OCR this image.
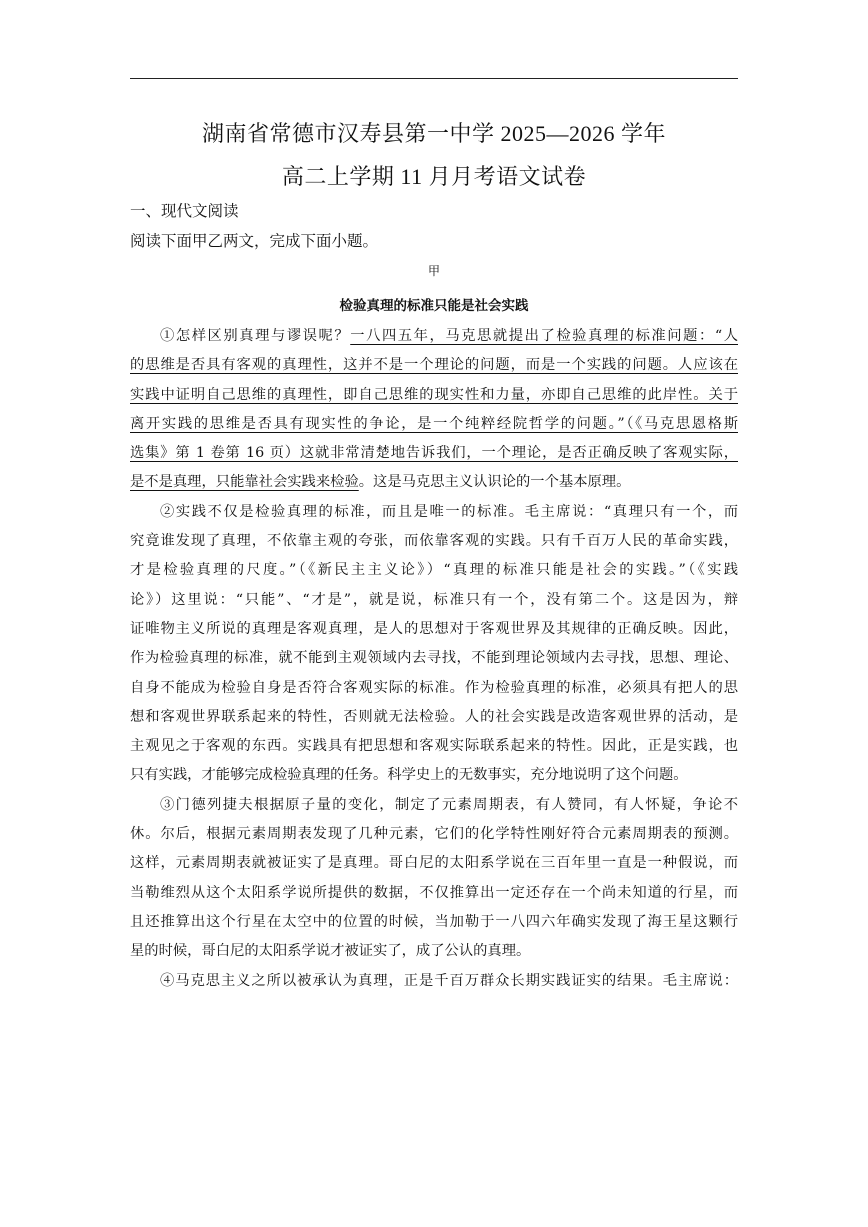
湖南省常德市汉寿县第一中学 2025—2026 学年
高二上学期 11 月月考语文试卷
一、现代文阅读
阅读下面甲乙两文，完成下面小题。
甲
检验真理的标准只能是社会实践
①怎样区别真理与谬误呢？一八四五年，马克思就提出了检验真理的标准问题：“人
的思维是否具有客观的真理性，这并不是一个理论的问题，而是一个实践的问题。人应该在
实践中证明自己思维的真理性，即自己思维的现实性和力量，亦即自己思维的此岸性。关于
离开实践的思维是否具有现实性的争论，是一个纯粹经院哲学的问题。”（《马克思恩格斯
选集》第 1 卷第 16 页）这就非常清楚地告诉我们，一个理论，是否正确反映了客观实际，
是不是真理，只能靠社会实践来检验。这是马克思主义认识论的一个基本原理。
②实践不仅是检验真理的标准，而且是唯一的标准。毛主席说：“真理只有一个，而
究竟谁发现了真理，不依靠主观的夸张，而依靠客观的实践。只有千百万人民的革命实践，
才是检验真理的尺度。”（《新民主主义论》）“真理的标准只能是社会的实践。”（《实践
论》）这里说：“只能”、“才是”，就是说，标准只有一个，没有第二个。这是因为，辩
证唯物主义所说的真理是客观真理，是人的思想对于客观世界及其规律的正确反映。因此，
作为检验真理的标准，就不能到主观领域内去寻找，不能到理论领域内去寻找，思想、理论、
自身不能成为检验自身是否符合客观实际的标准。作为检验真理的标准，必须具有把人的思
想和客观世界联系起来的特性，否则就无法检验。人的社会实践是改造客观世界的活动，是
主观见之于客观的东西。实践具有把思想和客观实际联系起来的特性。因此，正是实践，也
只有实践，才能够完成检验真理的任务。科学史上的无数事实，充分地说明了这个问题。
③门德列捷夫根据原子量的变化，制定了元素周期表，有人赞同，有人怀疑，争论不
休。尔后，根据元素周期表发现了几种元素，它们的化学特性刚好符合元素周期表的预测。
这样，元素周期表就被证实了是真理。哥白尼的太阳系学说在三百年里一直是一种假说，而
当勒维烈从这个太阳系学说所提供的数据，不仅推算出一定还存在一个尚未知道的行星，而
且还推算出这个行星在太空中的位置的时候，当加勒于一八四六年确实发现了海王星这颗行
星的时候，哥白尼的太阳系学说才被证实了，成了公认的真理。
④马克思主义之所以被承认为真理，正是千百万群众长期实践证实的结果。毛主席说：
